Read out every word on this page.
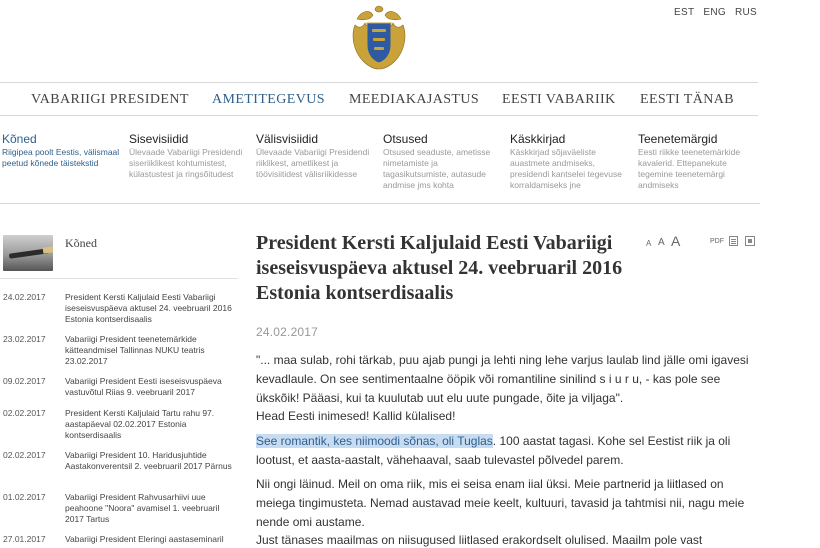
EST ENG RUS
VABARIIGI PRESIDENT AMETITEGEVUS MEEDIAKAJASTUS EESTI VABARIIK EESTI TÄNAB
Kõned
Riigipea poolt Eestis, välismaal peetud kõnede täistekstid
Sisevisiidid
Ülevaade Vabariigi Presidendi siseriiklikest kohtumistest, külastustest ja ringsõitudest
Välisvisiidid
Ülevaade Vabariigi Presidendi riiklikest, ametlikest ja töövisiitidest välisriikidesse
Otsused
Otsused seaduste, ametisse nimetamiste ja tagasikutsumiste, autasude andmise jms kohta
Käskkirjad
Käskkirjad sõjaväeliste auastmete andmiseks, presidendi kantselei tegevuse korraldamiseks jne
Teenetemärgid
Eesti riikke teenetemärkide kavalerid. Ettepanekute tegemine teenetemärgi andmiseks
Kõned
24.02.2017 President Kersti Kaljulaid Eesti Vabariigi iseseisvuspäeva aktusel 24. veebruaril 2016 Estonia kontserdisaalis
23.02.2017 Vabariigi President teenetemärkide kätteandmisel Tallinnas NUKU teatris 23.02.2017
09.02.2017 Vabariigi President Eesti iseseisvuspäeva vastuvõtul Riias 9. veebruaril 2017
02.02.2017 President Kersti Kaljulaid Tartu rahu 97. aastapäeval 02.02.2017 Estonia kontserdisaalis
02.02.2017 Vabariigi President 10. Haridusjuhtide Aastakonverentsil 2. veebruaril 2017 Pärnus
01.02.2017 Vabariigi President Rahvusarhiivi uue peahoone "Noora" avamisel 1. veebruaril 2017 Tartus
27.01.2017 Vabariigi President Eleringi aastaseminaril
President Kersti Kaljulaid Eesti Vabariigi iseseisvuspäeva aktusel 24. veebruaril 2016 Estonia kontserdisaalis
A A A	PDF
24.02.2017

"... maa sulab, rohi tärkab, puu ajab pungi ja lehti ning lehe varjus laulab lind jälle omi igavesi kevadlaule. On see sentimentaalne ööpik või romantiline sinilind s i u r u, - kas pole see ükskõik! Pääasi, kui ta kuulutab uut elu uute pungade, õite ja viljaga".

Head Eesti inimesed! Kallid külalised!

See romantik, kes niimoodi sõnas, oli Tuglas. 100 aastat tagasi. Kohe sel Eestist riik ja oli lootust, et aasta-aastalt, vähehaaval, saab tulevastel põlvedel parem.

Nii ongi läinud. Meil on oma riik, mis ei seisa enam iial üksi. Meie partnerid ja liitlased on meiega tingimusteta. Nemad austavad meie keelt, kultuuri, tavasid ja tahtmisi nii, nagu meie nende omi austame.

Just tänases maailmas on niisugused liitlased erakordselt olulised. Maailm pole vast
